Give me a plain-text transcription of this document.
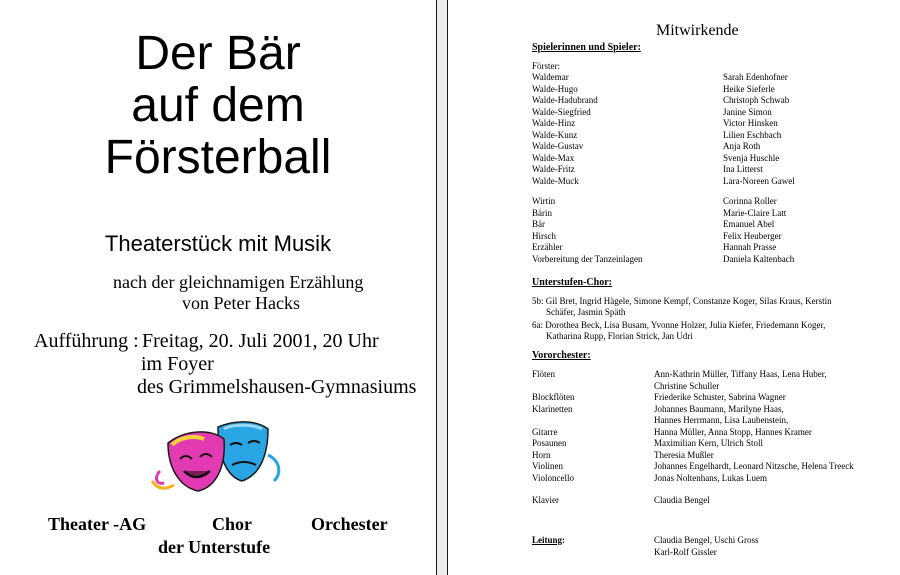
Der Bär
auf dem
Försterball
Theaterstück mit Musik
nach der gleichnamigen Erzählung
von Peter Hacks
Aufführung : Freitag, 20. Juli 2001, 20 Uhr
im Foyer
des Grimmelshausen-Gymnasiums
Theater -AG	Chor	Orchester
der Unterstufe
Mitwirkende
Spielerinnen und Spieler:
Förster:
Waldemar	Sarah Edenhofner
Walde-Hugo	Heike Sieferle
Walde-Hadubrand	Christoph Schwab
Walde-Siegfried	Janine Simon
Walde-Hinz	Victor Hinsken
Walde-Kunz	Lilien Eschbach
Walde-Gustav	Anja Roth
Walde-Max	Svenja Huschle
Walde-Fritz	Ina Litterst
Walde-Muck	Lara-Noreen Gawel
Wirtin	Corinna Roller
Bärin	Marie-Claire Latt
Bär	Emanuel Abel
Hirsch	Felix Heuberger
Erzähler	Hannah Prasse
Vorbereitung der Tanzeinlagen	Daniela Kaltenbach
Unterstufen-Chor:
5b: Gil Bret, Ingrid Hägele, Simone Kempf, Constanze Koger, Silas Kraus, Kerstin
Schäfer, Jasmin Späth
6a: Dorothea Beck, Lisa Busam, Yvonne Holzer, Julia Kiefer, Friedemann Koger,
Katharina Rupp, Florian Strick, Jan Udri
Vororchester:
Flöten	Ann-Kathrin Müller, Tiffany Haas, Lena Huber,
Christine Schuller
Blockflöten	Friederike Schuster, Sabrina Wagner
Klarinetten	Johannes Baumann, Marilyne Haas,
Hannes Herrmann, Lisa Laubenstein,
Gitarre	Hanna Müller, Anna Stopp, Hannes Kramer
Posaunen	Maximilian Kern, Ulrich Stoll
Horn	Theresia Mußler
Violinen	Johannes Engelhardt, Leonard Nitzsche, Helena Treeck
Violoncello	Jonas Noltenhans, Lukas Luem
Klavier	Claudia Bengel
Leitung:	Claudia Bengel, Uschi Gross
Karl-Rolf Gissler
